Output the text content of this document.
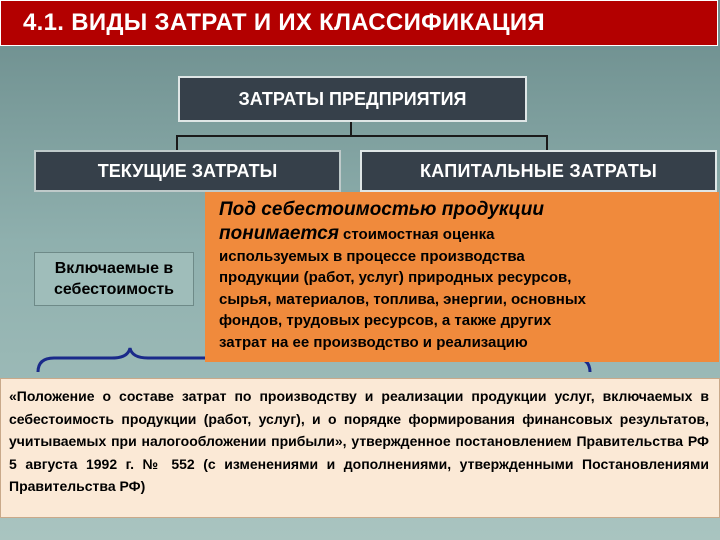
4.1. ВИДЫ ЗАТРАТ И ИХ КЛАССИФИКАЦИЯ
ЗАТРАТЫ ПРЕДПРИЯТИЯ
ТЕКУЩИЕ ЗАТРАТЫ	КАПИТАЛЬНЫЕ ЗАТРАТЫ
Включаемые в
себестоимость
Под себестоимостью продукции
понимается стоимостная оценка
используемых в процессе производства
продукции (работ, услуг) природных ресурсов,
сырья, материалов, топлива, энергии, основных
фондов, трудовых ресурсов, а также других
затрат на ее производство и реализацию
«Положение о составе затрат по производству и реализации продукции услуг, включаемых в себестоимость продукции (работ, услуг), и о порядке формирования финансовых результатов, учитываемых при налогообложении прибыли», утвержденное постановлением Правительства РФ 5 августа 1992 г. № 552 (с изменениями и дополнениями, утвержденными Постановлениями Правительства РФ)
